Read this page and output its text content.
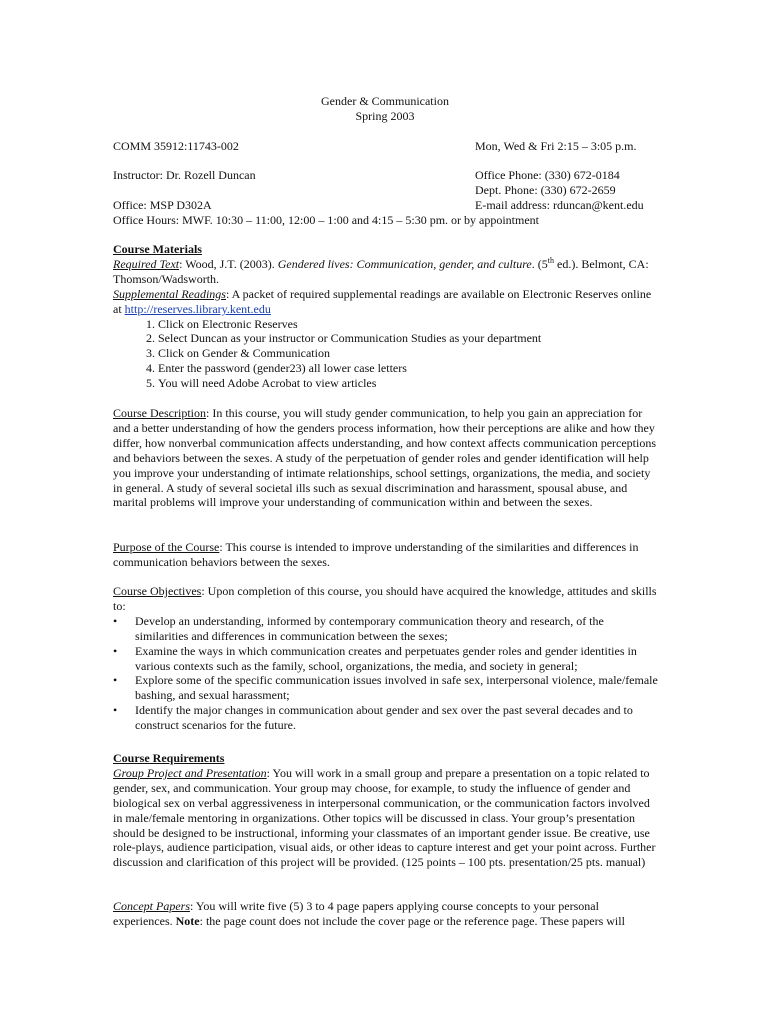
Gender & Communication
Spring 2003
COMM 35912:11743-002	Mon, Wed & Fri 2:15 – 3:05 p.m.
Instructor: Dr. Rozell Duncan	Office Phone: (330) 672-0184
Dept. Phone: (330) 672-2659
Office: MSP D302A	E-mail address: rduncan@kent.edu
Office Hours: MWF. 10:30 – 11:00, 12:00 – 1:00 and 4:15 – 5:30 pm. or by appointment

Course Materials

Required Text: Wood, J.T. (2003). Gendered lives: Communication, gender, and culture. (5th ed.). Belmont, CA: Thomson/Wadsworth.

Supplemental Readings: A packet of required supplemental readings are available on Electronic Reserves online at http://reserves.library.kent.edu

1. Click on Electronic Reserves
2. Select Duncan as your instructor or Communication Studies as your department
3. Click on Gender & Communication
4. Enter the password (gender23) all lower case letters
5. You will need Adobe Acrobat to view articles

Course Description: In this course, you will study gender communication, to help you gain an appreciation for and a better understanding of how the genders process information, how their perceptions are alike and how they differ, how nonverbal communication affects understanding, and how context affects communication perceptions and behaviors between the sexes. A study of the perpetuation of gender roles and gender identification will help you improve your understanding of intimate relationships, school settings, organizations, the media, and society in general. A study of several societal ills such as sexual discrimination and harassment, spousal abuse, and marital problems will improve your understanding of communication within and between the sexes.

Purpose of the Course: This course is intended to improve understanding of the similarities and differences in communication behaviors between the sexes.

Course Objectives: Upon completion of this course, you should have acquired the knowledge, attitudes and skills to:

• Develop an understanding, informed by contemporary communication theory and research, of the similarities and differences in communication between the sexes;
• Examine the ways in which communication creates and perpetuates gender roles and gender identities in various contexts such as the family, school, organizations, the media, and society in general;
• Explore some of the specific communication issues involved in safe sex, interpersonal violence, male/female bashing, and sexual harassment;
• Identify the major changes in communication about gender and sex over the past several decades and to construct scenarios for the future.

Course Requirements

Group Project and Presentation: You will work in a small group and prepare a presentation on a topic related to gender, sex, and communication. Your group may choose, for example, to study the influence of gender and biological sex on verbal aggressiveness in interpersonal communication, or the communication factors involved in male/female mentoring in organizations. Other topics will be discussed in class. Your group’s presentation should be designed to be instructional, informing your classmates of an important gender issue. Be creative, use role-plays, audience participation, visual aids, or other ideas to capture interest and get your point across. Further discussion and clarification of this project will be provided. (125 points – 100 pts. presentation/25 pts. manual)

Concept Papers: You will write five (5) 3 to 4 page papers applying course concepts to your personal experiences. Note: the page count does not include the cover page or the reference page. These papers will
